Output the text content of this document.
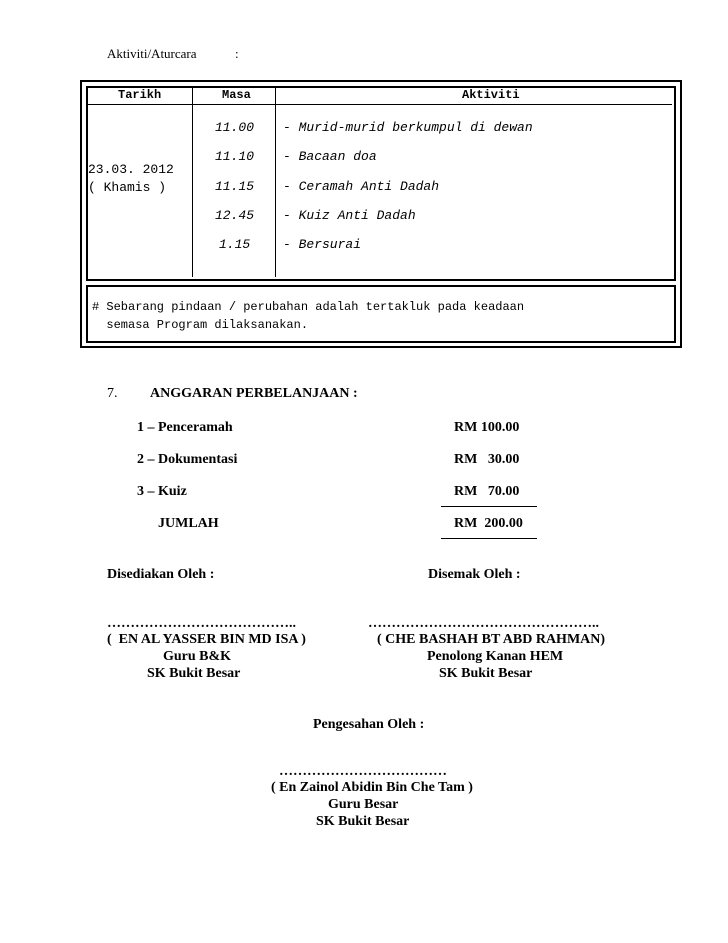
Aktiviti/Aturcara	:
Tarikh	Masa	Aktiviti
23.03. 2012
( Khamis )
11.00 - Murid-murid berkumpul di dewan
11.10 - Bacaan doa
11.15 - Ceramah Anti Dadah
12.45 - Kuiz Anti Dadah
1.15	- Bersurai
# Sebarang pindaan / perubahan adalah tertakluk pada keadaan
semasa Program dilaksanakan.
7. ANGGARAN PERBELANJAAN :
1 – Penceramah	RM 100.00
2 – Dokumentasi	RM   30.00
3 – Kuiz	RM   70.00
JUMLAH	RM  200.00
Disediakan Oleh :	Disemak Oleh :
…………………………………..	…………………………………………..
(  EN AL YASSER BIN MD ISA )
Guru B&K
SK Bukit Besar
( CHE BASHAH BT ABD RAHMAN)
Penolong Kanan HEM
SK Bukit Besar
Pengesahan Oleh :
………………………………
( En Zainol Abidin Bin Che Tam )
Guru Besar
SK Bukit Besar
